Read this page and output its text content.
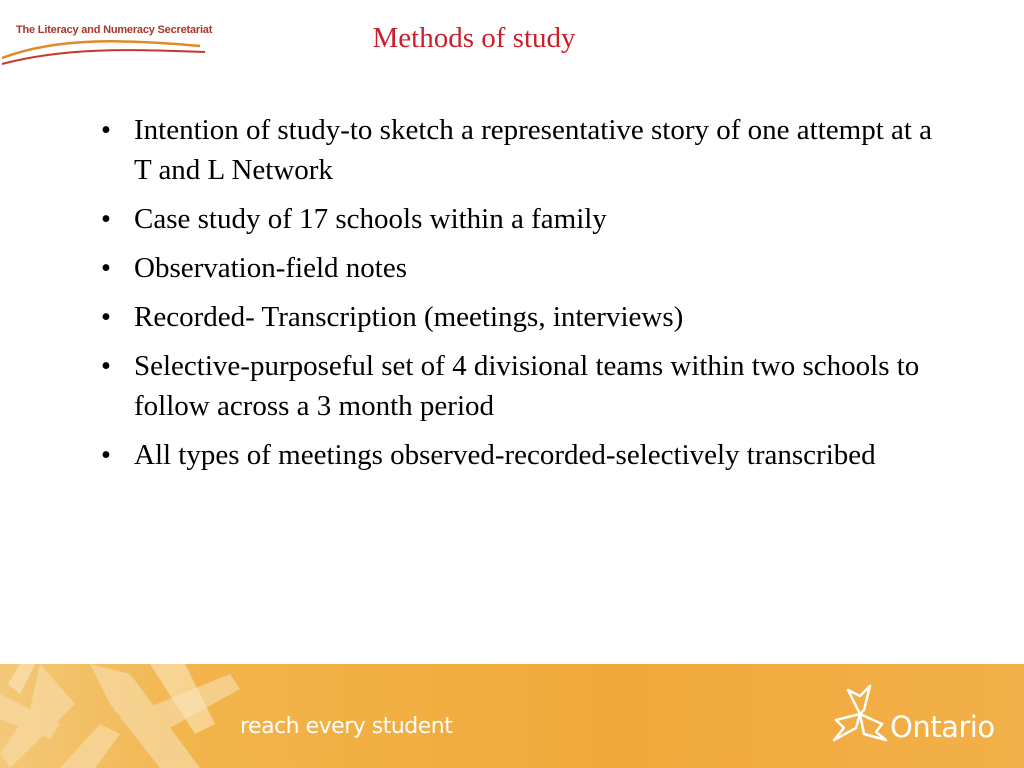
The Literacy and Numeracy Secretariat	Methods of study
• Intention of study-to sketch a representative story of one attempt at a T and L Network
• Case study of 17 schools within a family
• Observation-field notes
• Recorded- Transcription (meetings, interviews)
• Selective-purposeful set of 4 divisional teams within two schools to follow across a 3 month period
• All types of meetings observed-recorded-selectively transcribed
reach every student	Ontario
